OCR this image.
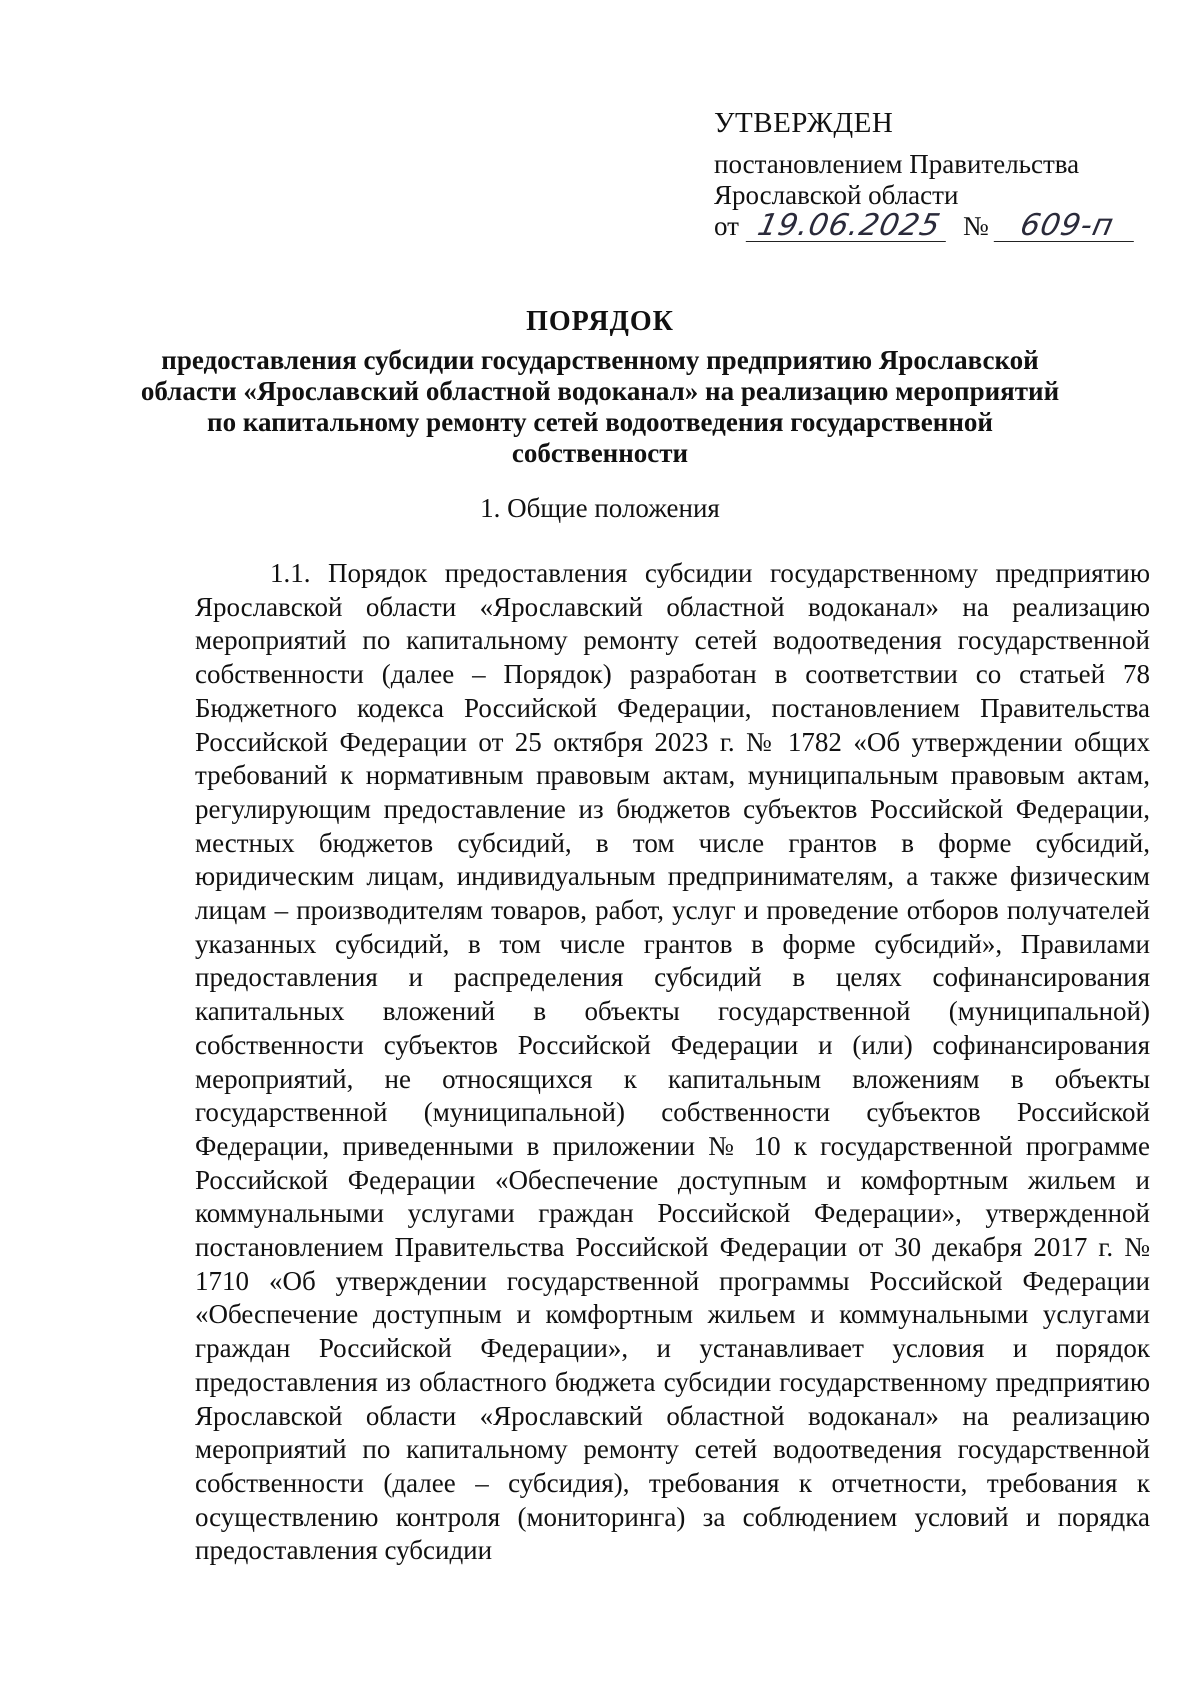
УТВЕРЖДЕН
постановлением Правительства
Ярославской области
от 19.06.2025 № 609-п
ПОРЯДОК
предоставления субсидии государственному предприятию Ярославской области «Ярославский областной водоканал» на реализацию мероприятий по капитальному ремонту сетей водоотведения государственной собственности
1. Общие положения
1.1. Порядок предоставления субсидии государственному предприятию Ярославской области «Ярославский областной водоканал» на реализацию мероприятий по капитальному ремонту сетей водоотведения государственной собственности (далее – Порядок) разработан в соответствии со статьей 78 Бюджетного кодекса Российской Федерации, постановлением Правительства Российской Федерации от 25 октября 2023 г. № 1782 «Об утверждении общих требований к нормативным правовым актам, муниципальным правовым актам, регулирующим предоставление из бюджетов субъектов Российской Федерации, местных бюджетов субсидий, в том числе грантов в форме субсидий, юридическим лицам, индивидуальным предпринимателям, а также физическим лицам – производителям товаров, работ, услуг и проведение отборов получателей указанных субсидий, в том числе грантов в форме субсидий», Правилами предоставления и распределения субсидий в целях софинансирования капитальных вложений в объекты государственной (муниципальной) собственности субъектов Российской Федерации и (или) софинансирования мероприятий, не относящихся к капитальным вложениям в объекты государственной (муниципальной) собственности субъектов Российской Федерации, приведенными в приложении № 10 к государственной программе Российской Федерации «Обеспечение доступным и комфортным жильем и коммунальными услугами граждан Российской Федерации», утвержденной постановлением Правительства Российской Федерации от 30 декабря 2017 г. № 1710 «Об утверждении государственной программы Российской Федерации «Обеспечение доступным и комфортным жильем и коммунальными услугами граждан Российской Федерации», и устанавливает условия и порядок предоставления из областного бюджета субсидии государственному предприятию Ярославской области «Ярославский областной водоканал» на реализацию мероприятий по капитальному ремонту сетей водоотведения государственной собственности (далее – субсидия), требования к отчетности, требования к осуществлению контроля (мониторинга) за соблюдением условий и порядка предоставления субсидии
